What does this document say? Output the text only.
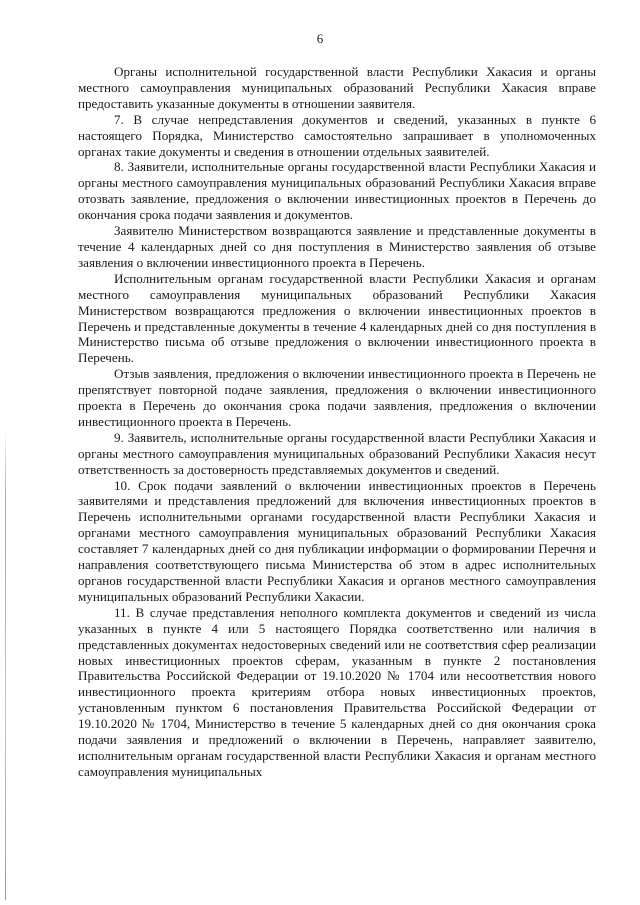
6

Органы исполнительной государственной власти Республики Хакасия и органы местного самоуправления муниципальных образований Республики Хакасия вправе предоставить указанные документы в отношении заявителя.

7. В случае непредставления документов и сведений, указанных в пункте 6 настоящего Порядка, Министерство самостоятельно запрашивает в уполномоченных органах такие документы и сведения в отношении отдельных заявителей.

8. Заявители, исполнительные органы государственной власти Республики Хакасия и органы местного самоуправления муниципальных образований Республики Хакасия вправе отозвать заявление, предложения о включении инвестиционных проектов в Перечень до окончания срока подачи заявления и документов.

Заявителю Министерством возвращаются заявление и представленные документы в течение 4 календарных дней со дня поступления в Министерство заявления об отзыве заявления о включении инвестиционного проекта в Перечень.

Исполнительным органам государственной власти Республики Хакасия и органам местного самоуправления муниципальных образований Республики Хакасия Министерством возвращаются предложения о включении инвестиционных проектов в Перечень и представленные документы в течение 4 календарных дней со дня поступления в Министерство письма об отзыве предложения о включении инвестиционного проекта в Перечень.

Отзыв заявления, предложения о включении инвестиционного проекта в Перечень не препятствует повторной подаче заявления, предложения о включении инвестиционного проекта в Перечень до окончания срока подачи заявления, предложения о включении инвестиционного проекта в Перечень.

9. Заявитель, исполнительные органы государственной власти Республики Хакасия и органы местного самоуправления муниципальных образований Республики Хакасия несут ответственность за достоверность представляемых документов и сведений.

10. Срок подачи заявлений о включении инвестиционных проектов в Перечень заявителями и представления предложений для включения инвестиционных проектов в Перечень исполнительными органами государственной власти Республики Хакасия и органами местного самоуправления муниципальных образований Республики Хакасия составляет 7 календарных дней со дня публикации информации о формировании Перечня и направления соответствующего письма Министерства об этом в адрес исполнительных органов государственной власти Республики Хакасия и органов местного самоуправления муниципальных образований Республики Хакасии.

11. В случае представления неполного комплекта документов и сведений из числа указанных в пункте 4 или 5 настоящего Порядка соответственно или наличия в представленных документах недостоверных сведений или не соответствия сфер реализации новых инвестиционных проектов сферам, указанным в пункте 2 постановления Правительства Российской Федерации от 19.10.2020 № 1704 или несоответствия нового инвестиционного проекта критериям отбора новых инвестиционных проектов, установленным пунктом 6 постановления Правительства Российской Федерации от 19.10.2020 № 1704, Министерство в течение 5 календарных дней со дня окончания срока подачи заявления и предложений о включении в Перечень, направляет заявителю, исполнительным органам государственной власти Республики Хакасия и органам местного самоуправления муниципальных
